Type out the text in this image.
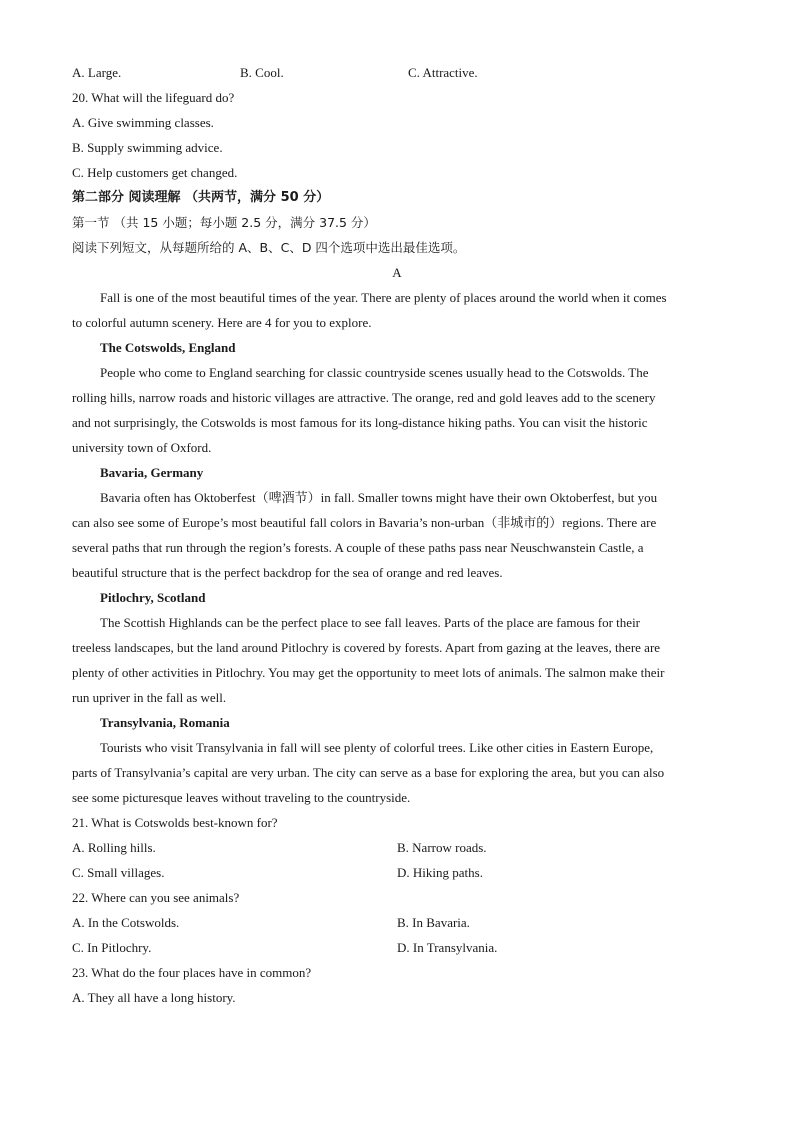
A. Large.	B. Cool.	C. Attractive.
20. What will the lifeguard do?
A. Give swimming classes.
B. Supply swimming advice.
C. Help customers get changed.
第二部分 阅读理解 （共两节，满分 50 分）
第一节 （共 15 小题；每小题 2.5 分，满分 37.5 分）
阅读下列短文，从每题所给的 A、B、C、D 四个选项中选出最佳选项。
A
Fall is one of the most beautiful times of the year. There are plenty of places around the world when it comes
to colorful autumn scenery. Here are 4 for you to explore.
The Cotswolds, England
People who come to England searching for classic countryside scenes usually head to the Cotswolds. The
rolling hills, narrow roads and historic villages are attractive. The orange, red and gold leaves add to the scenery
and not surprisingly, the Cotswolds is most famous for its long-distance hiking paths. You can visit the historic
university town of Oxford.
Bavaria, Germany
Bavaria often has Oktoberfest（啤酒节）in fall. Smaller towns might have their own Oktoberfest, but you
can also see some of Europe’s most beautiful fall colors in Bavaria’s non-urban（非城市的）regions. There are
several paths that run through the region’s forests. A couple of these paths pass near Neuschwanstein Castle, a
beautiful structure that is the perfect backdrop for the sea of orange and red leaves.
Pitlochry, Scotland
The Scottish Highlands can be the perfect place to see fall leaves. Parts of the place are famous for their
treeless landscapes, but the land around Pitlochry is covered by forests. Apart from gazing at the leaves, there are
plenty of other activities in Pitlochry. You may get the opportunity to meet lots of animals. The salmon make their
run upriver in the fall as well.
Transylvania, Romania
Tourists who visit Transylvania in fall will see plenty of colorful trees. Like other cities in Eastern Europe,
parts of Transylvania’s capital are very urban. The city can serve as a base for exploring the area, but you can also
see some picturesque leaves without traveling to the countryside.
21. What is Cotswolds best-known for?
A. Rolling hills.	B. Narrow roads.
C. Small villages.	D. Hiking paths.
22. Where can you see animals?
A. In the Cotswolds.	B. In Bavaria.
C. In Pitlochry.	D. In Transylvania.
23. What do the four places have in common?
A. They all have a long history.
